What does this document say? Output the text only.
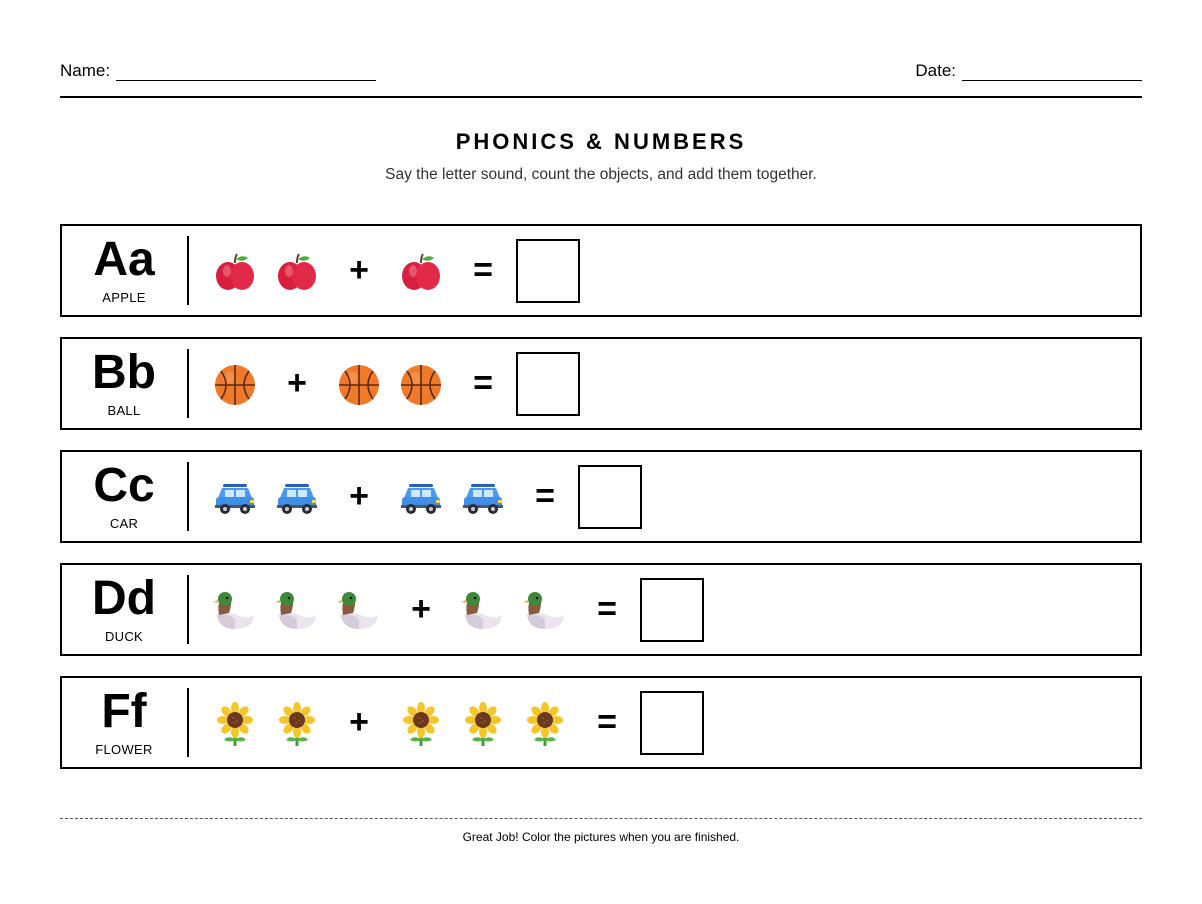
Name:	Date:
PHONICS & NUMBERS
Say the letter sound, count the objects, and add them together.
Aa
APPLE
+	=
Bb
BALL
+	=
Cc
CAR
+	=
Dd
DUCK
+	=
Ff
FLOWER
+	=
Great Job! Color the pictures when you are finished.
